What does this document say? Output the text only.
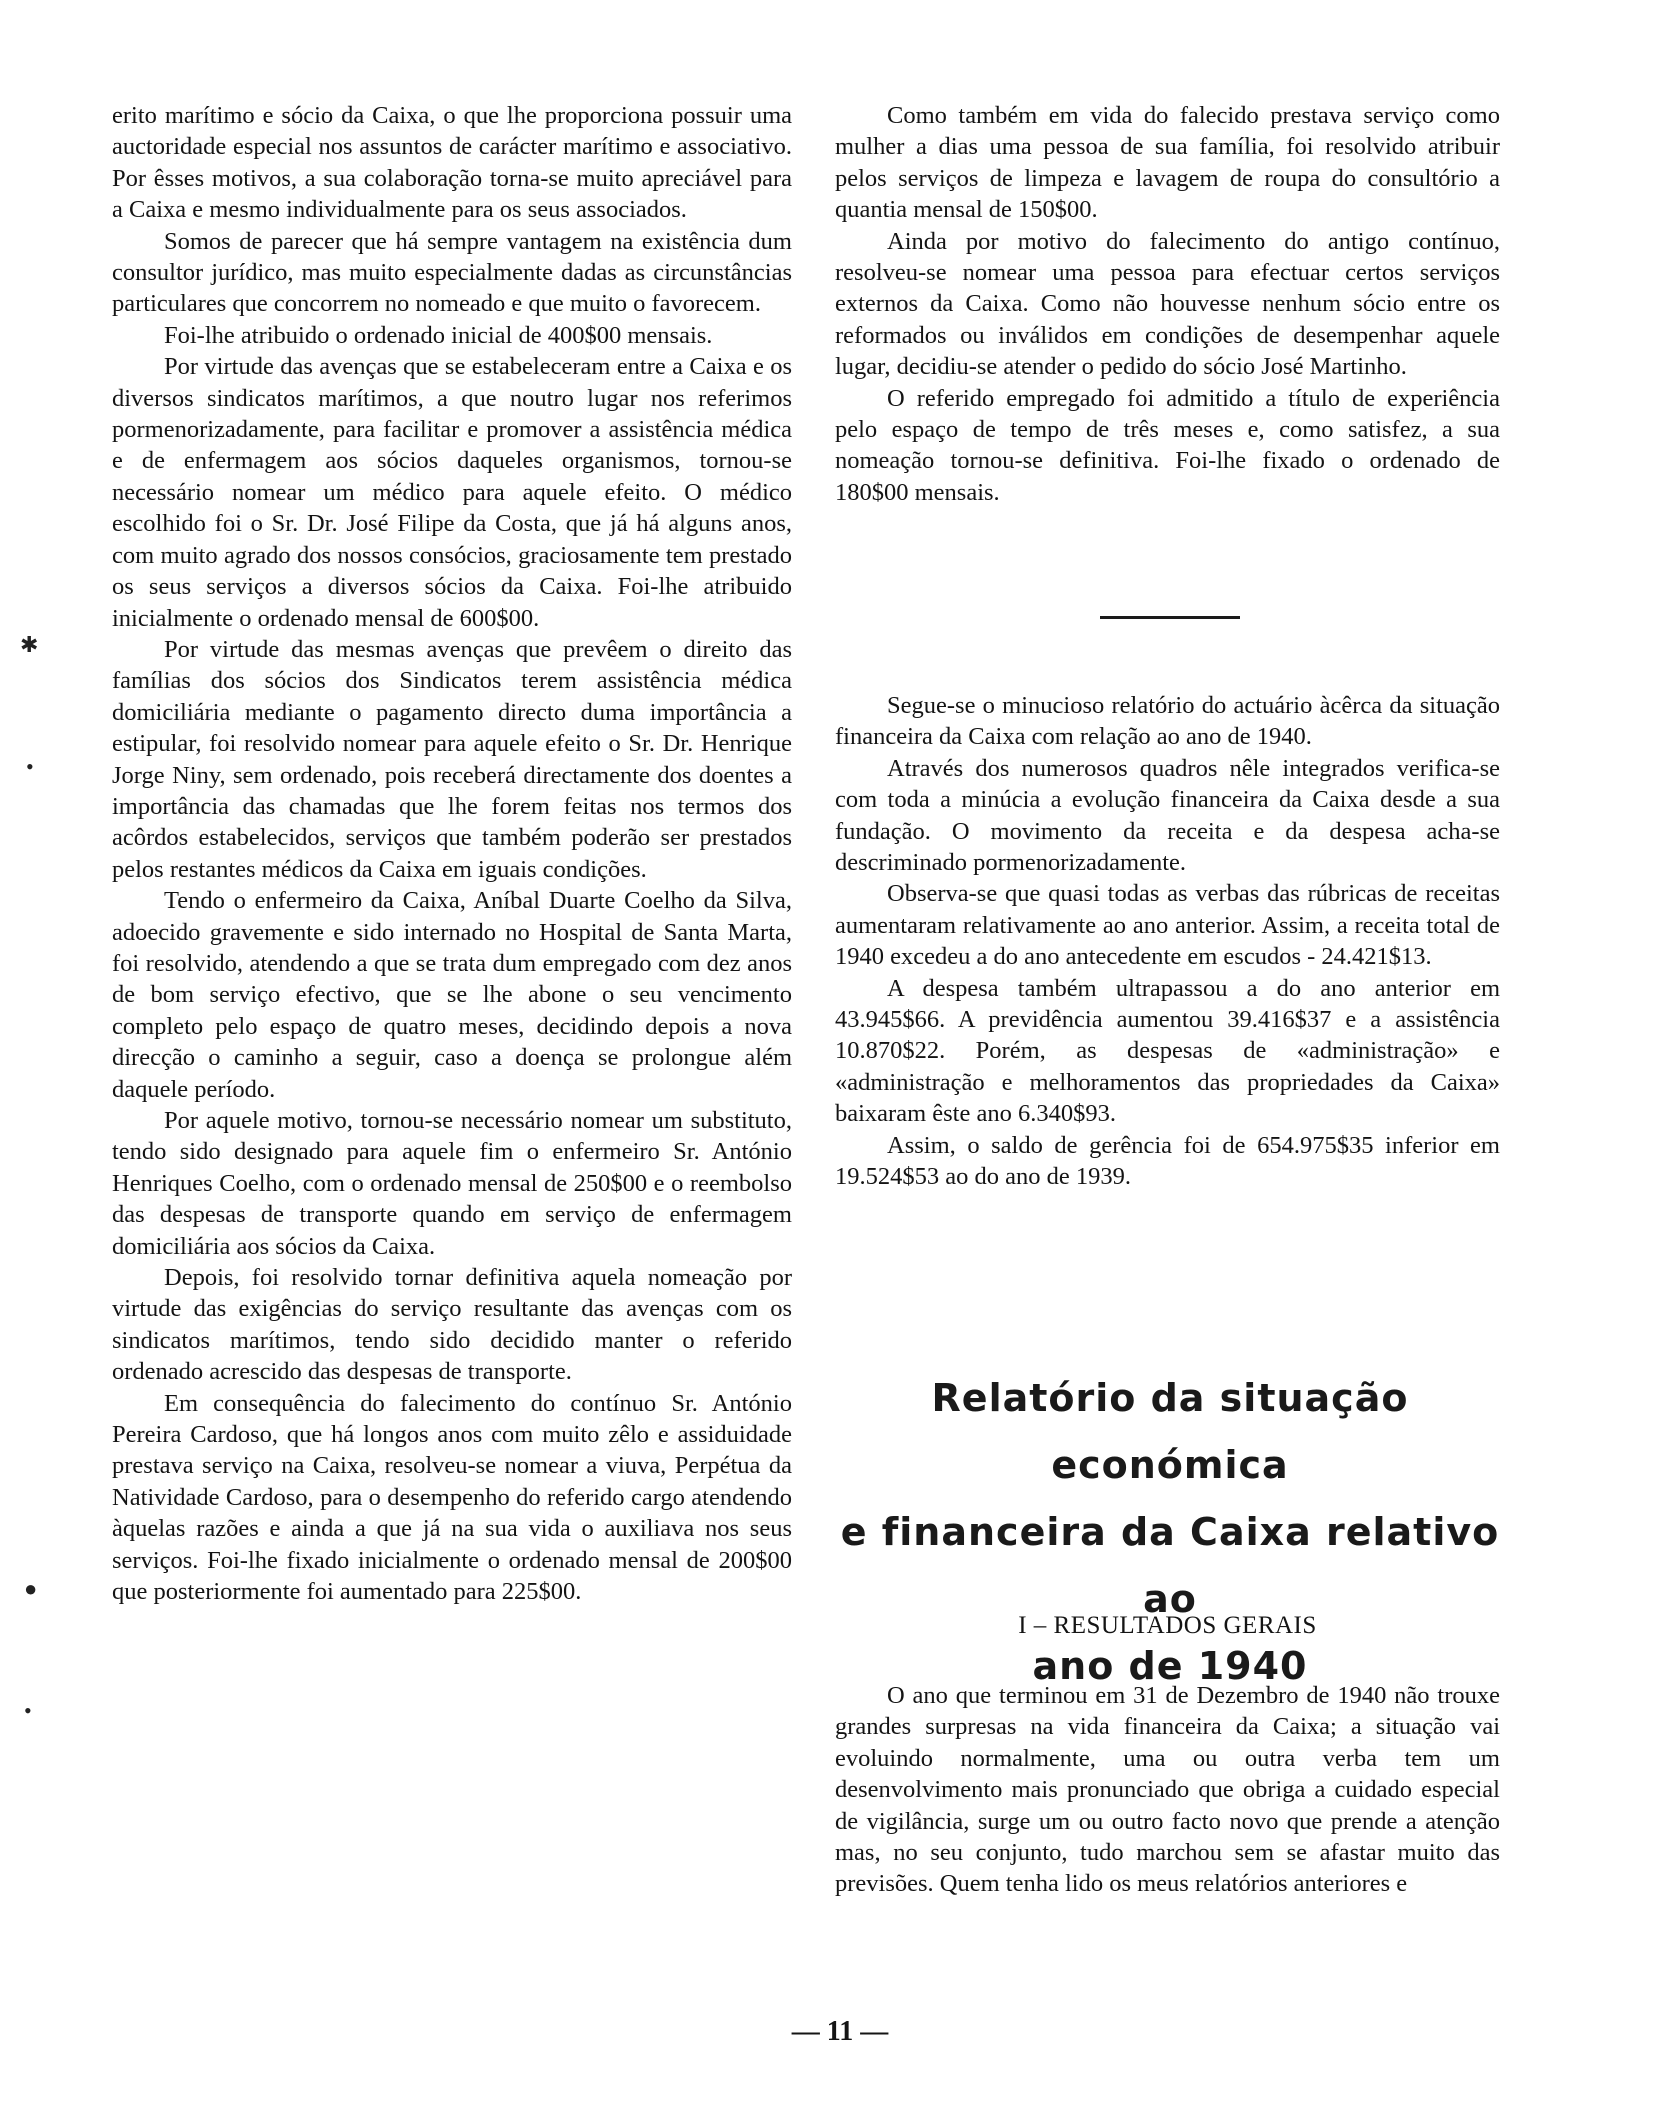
erito marítimo e sócio da Caixa, o que lhe proporciona possuir uma auctoridade especial nos assuntos de carácter marítimo e associativo. Por êsses motivos, a sua colaboração torna-se muito apreciável para a Caixa e mesmo individualmente para os seus associados.

Somos de parecer que há sempre vantagem na existência dum consultor jurídico, mas muito especialmente dadas as circunstâncias particulares que concorrem no nomeado e que muito o favorecem.

Foi-lhe atribuido o ordenado inicial de 400$00 mensais.

Por virtude das avenças que se estabeleceram entre a Caixa e os diversos sindicatos marítimos, a que noutro lugar nos referimos pormenorizadamente, para facilitar e promover a assistência médica e de enfermagem aos sócios daqueles organismos, tornou-se necessário nomear um médico para aquele efeito. O médico escolhido foi o Sr. Dr. José Filipe da Costa, que já há alguns anos, com muito agrado dos nossos consócios, graciosamente tem prestado os seus serviços a diversos sócios da Caixa. Foi-lhe atribuido inicialmente o ordenado mensal de 600$00.

Por virtude das mesmas avenças que prevêem o direito das famílias dos sócios dos Sindicatos terem assistência médica domiciliária mediante o pagamento directo duma importância a estipular, foi resolvido nomear para aquele efeito o Sr. Dr. Henrique Jorge Niny, sem ordenado, pois receberá directamente dos doentes a importância das chamadas que lhe forem feitas nos termos dos acôrdos estabelecidos, serviços que também poderão ser prestados pelos restantes médicos da Caixa em iguais condições.

Tendo o enfermeiro da Caixa, Aníbal Duarte Coelho da Silva, adoecido gravemente e sido internado no Hospital de Santa Marta, foi resolvido, atendendo a que se trata dum empregado com dez anos de bom serviço efectivo, que se lhe abone o seu vencimento completo pelo espaço de quatro meses, decidindo depois a nova direcção o caminho a seguir, caso a doença se prolongue além daquele período.

Por aquele motivo, tornou-se necessário nomear um substituto, tendo sido designado para aquele fim o enfermeiro Sr. António Henriques Coelho, com o ordenado mensal de 250$00 e o reembolso das despesas de transporte quando em serviço de enfermagem domiciliária aos sócios da Caixa.

Depois, foi resolvido tornar definitiva aquela nomeação por virtude das exigências do serviço resultante das avenças com os sindicatos marítimos, tendo sido decidido manter o referido ordenado acrescido das despesas de transporte.

Em consequência do falecimento do contínuo Sr. António Pereira Cardoso, que há longos anos com muito zêlo e assiduidade prestava serviço na Caixa, resolveu-se nomear a viuva, Perpétua da Natividade Cardoso, para o desempenho do referido cargo atendendo àquelas razões e ainda a que já na sua vida o auxiliava nos seus serviços. Foi-lhe fixado inicialmente o ordenado mensal de 200$00 que posteriormente foi aumentado para 225$00.

Como também em vida do falecido prestava serviço como mulher a dias uma pessoa de sua família, foi resolvido atribuir pelos serviços de limpeza e lavagem de roupa do consultório a quantia mensal de 150$00.

Ainda por motivo do falecimento do antigo contínuo, resolveu-se nomear uma pessoa para efectuar certos serviços externos da Caixa. Como não houvesse nenhum sócio entre os reformados ou inválidos em condições de desempenhar aquele lugar, decidiu-se atender o pedido do sócio José Martinho.

O referido empregado foi admitido a título de experiência pelo espaço de tempo de três meses e, como satisfez, a sua nomeação tornou-se definitiva. Foi-lhe fixado o ordenado de 180$00 mensais.

Segue-se o minucioso relatório do actuário àcêrca da situação financeira da Caixa com relação ao ano de 1940.

Através dos numerosos quadros nêle integrados verifica-se com toda a minúcia a evolução financeira da Caixa desde a sua fundação. O movimento da receita e da despesa acha-se descriminado pormenorizadamente.

Observa-se que quasi todas as verbas das rúbricas de receitas aumentaram relativamente ao ano anterior. Assim, a receita total de 1940 excedeu a do ano antecedente em escudos - 24.421$13.

A despesa também ultrapassou a do ano anterior em 43.945$66. A previdência aumentou 39.416$37 e a assistência 10.870$22. Porém, as despesas de «administração» e «administração e melhoramentos das propriedades da Caixa» baixaram êste ano 6.340$93.

Assim, o saldo de gerência foi de 654.975$35 inferior em 19.524$53 ao do ano de 1939.

Relatório da situação económica
e financeira da Caixa relativo ao
ano de 1940
I – RESULTADOS GERAIS

O ano que terminou em 31 de Dezembro de 1940 não trouxe grandes surpresas na vida financeira da Caixa; a situação vai evoluindo normalmente, uma ou outra verba tem um desenvolvimento mais pronunciado que obriga a cuidado especial de vigilância, surge um ou outro facto novo que prende a atenção mas, no seu conjunto, tudo marchou sem se afastar muito das previsões. Quem tenha lido os meus relatórios anteriores e

— 11 —
✱
•
●
•
